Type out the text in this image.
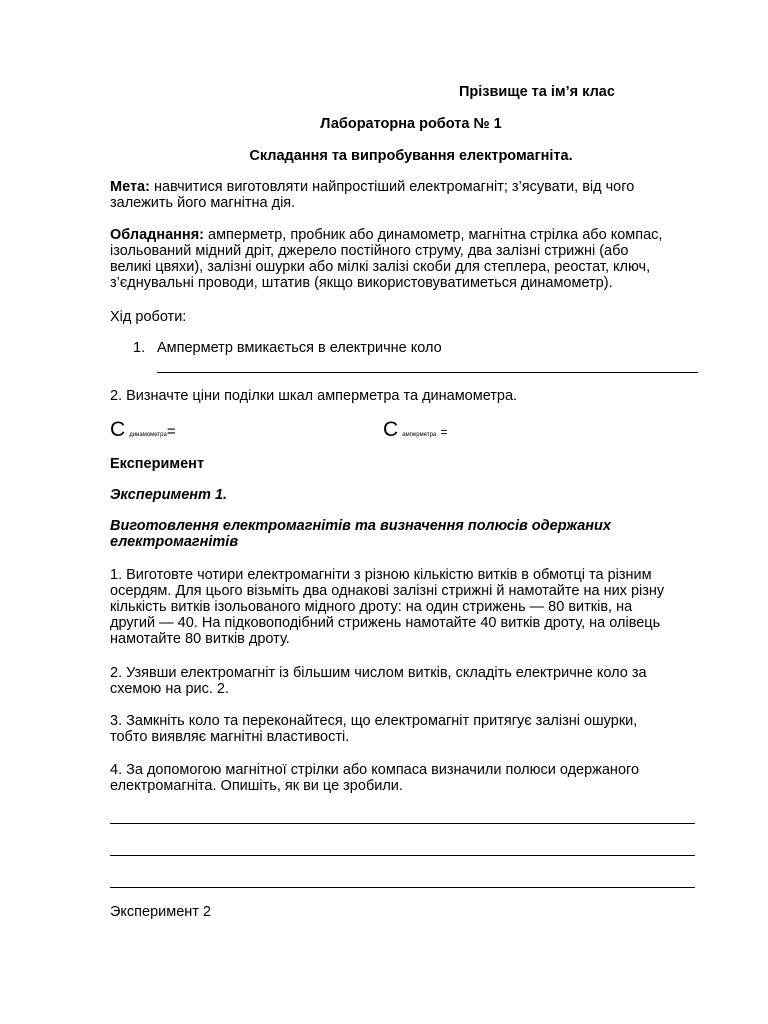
Прізвище та ім’я клас
Лабораторна робота № 1
Складання та випробування електромагніта.
Мета: навчитися виготовляти найпростіший електромагніт; з’ясувати, від чого
залежить його магнітна дія.
Обладнання: амперметр, пробник або динамометр, магнітна стрілка або компас,
ізольований мідний дріт, джерело постійного струму, два залізні стрижні (або
великі цвяхи), залізні ошурки або мілкі залізі скоби для степлера, реостат, ключ,
з’єднувальні проводи, штатив (якщо використовуватиметься динамометр).
Хід роботи:
1. Амперметр вмикається в електричне коло
2. Визначте ціни поділки шкал амперметра та динамометра.
С динамометра=	С амперметра =
Експеримент
Эксперимент 1.
Виготовлення електромагнітів та визначення полюсів одержаних
електромагнітів
1. Виготовте чотири електромагніти з різною кількістю витків в обмотці та різним
осердям. Для цього візьміть два однакові залізні стрижні й намотайте на них різну
кількість витків ізольованого мідного дроту: на один стрижень — 80 витків, на
другий — 40. На підковоподібний стрижень намотайте 40 витків дроту, на олівець
намотайте 80 витків дроту.
2. Узявши електромагніт із більшим числом витків, складіть електричне коло за
схемою на рис. 2.
3. Замкніть коло та переконайтеся, що електромагніт притягує залізні ошурки,
тобто виявляє магнітні властивості.
4. За допомогою магнітної стрілки або компаса визначили полюси одержаного
електромагніта. Опишіть, як ви це зробили.
Эксперимент 2
